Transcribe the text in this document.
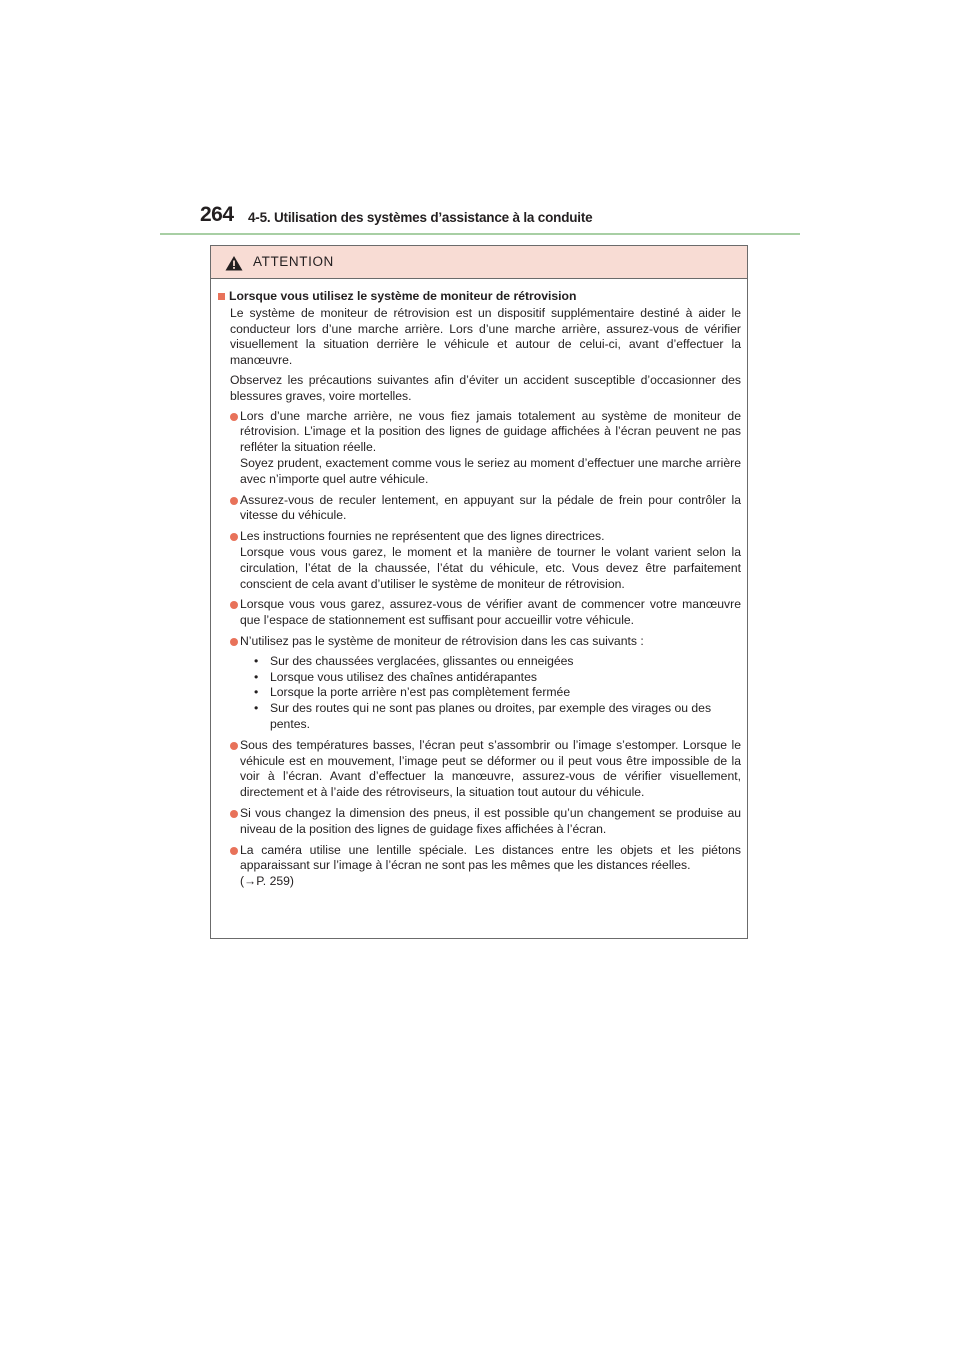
264 4-5. Utilisation des systèmes d’assistance à la conduite
ATTENTION
Lorsque vous utilisez le système de moniteur de rétrovision
Le système de moniteur de rétrovision est un dispositif supplémentaire destiné à aider le conducteur lors d’une marche arrière. Lors d’une marche arrière, assurez-vous de vérifier visuellement la situation derrière le véhicule et autour de celui-ci, avant d’effectuer la manœuvre.
Observez les précautions suivantes afin d’éviter un accident susceptible d’occasionner des blessures graves, voire mortelles.
Lors d’une marche arrière, ne vous fiez jamais totalement au système de moniteur de rétrovision. L’image et la position des lignes de guidage affichées à l’écran peuvent ne pas refléter la situation réelle.
Soyez prudent, exactement comme vous le seriez au moment d’effectuer une marche arrière avec n’importe quel autre véhicule.
Assurez-vous de reculer lentement, en appuyant sur la pédale de frein pour contrôler la vitesse du véhicule.
Les instructions fournies ne représentent que des lignes directrices.
Lorsque vous vous garez, le moment et la manière de tourner le volant varient selon la circulation, l’état de la chaussée, l’état du véhicule, etc. Vous devez être parfaitement conscient de cela avant d’utiliser le système de moniteur de rétrovision.
Lorsque vous vous garez, assurez-vous de vérifier avant de commencer votre manœuvre que l’espace de stationnement est suffisant pour accueillir votre véhicule.
N’utilisez pas le système de moniteur de rétrovision dans les cas suivants :
• Sur des chaussées verglacées, glissantes ou enneigées
• Lorsque vous utilisez des chaînes antidérapantes
• Lorsque la porte arrière n’est pas complètement fermée
• Sur des routes qui ne sont pas planes ou droites, par exemple des virages ou des pentes.
Sous des températures basses, l’écran peut s’assombrir ou l’image s’estomper. Lorsque le véhicule est en mouvement, l’image peut se déformer ou il peut vous être impossible de la voir à l’écran. Avant d’effectuer la manœuvre, assurez-vous de vérifier visuellement, directement et à l’aide des rétroviseurs, la situation tout autour du véhicule.
Si vous changez la dimension des pneus, il est possible qu’un changement se produise au niveau de la position des lignes de guidage fixes affichées à l’écran.
La caméra utilise une lentille spéciale. Les distances entre les objets et les piétons apparaissant sur l’image à l’écran ne sont pas les mêmes que les distances réelles.
(→P. 259)
